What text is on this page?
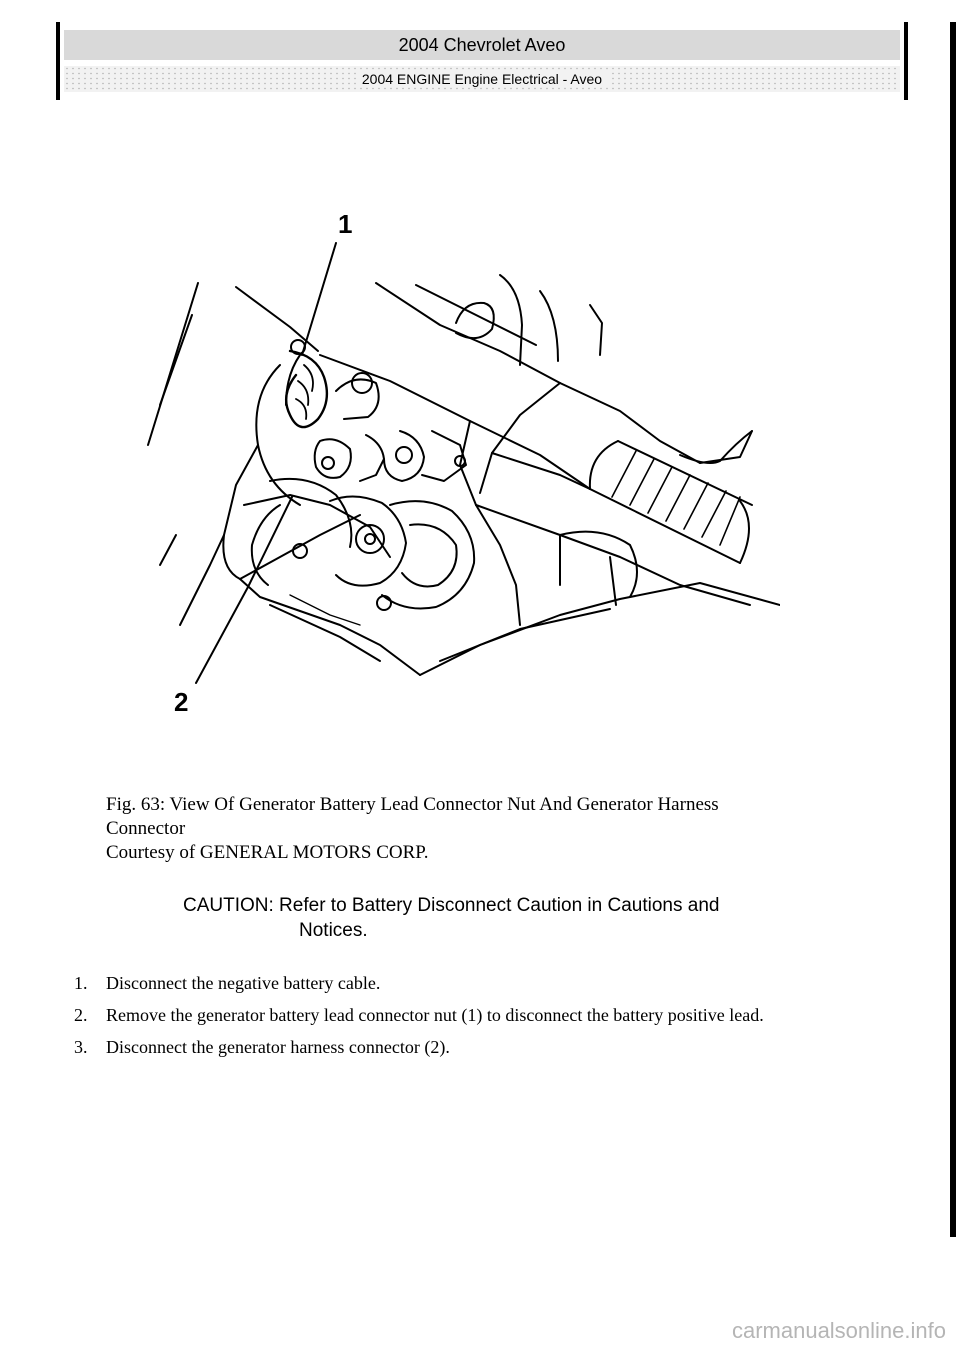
2004 Chevrolet Aveo
2004 ENGINE Engine Electrical - Aveo
1
2
Fig. 63: View Of Generator Battery Lead Connector Nut And Generator Harness
Connector
Courtesy of GENERAL MOTORS CORP.
CAUTION: Refer to Battery Disconnect Caution in Cautions and
Notices.
1. Disconnect the negative battery cable.
2. Remove the generator battery lead connector nut (1) to disconnect the battery positive lead.
3. Disconnect the generator harness connector (2).
carmanualsonline.info
